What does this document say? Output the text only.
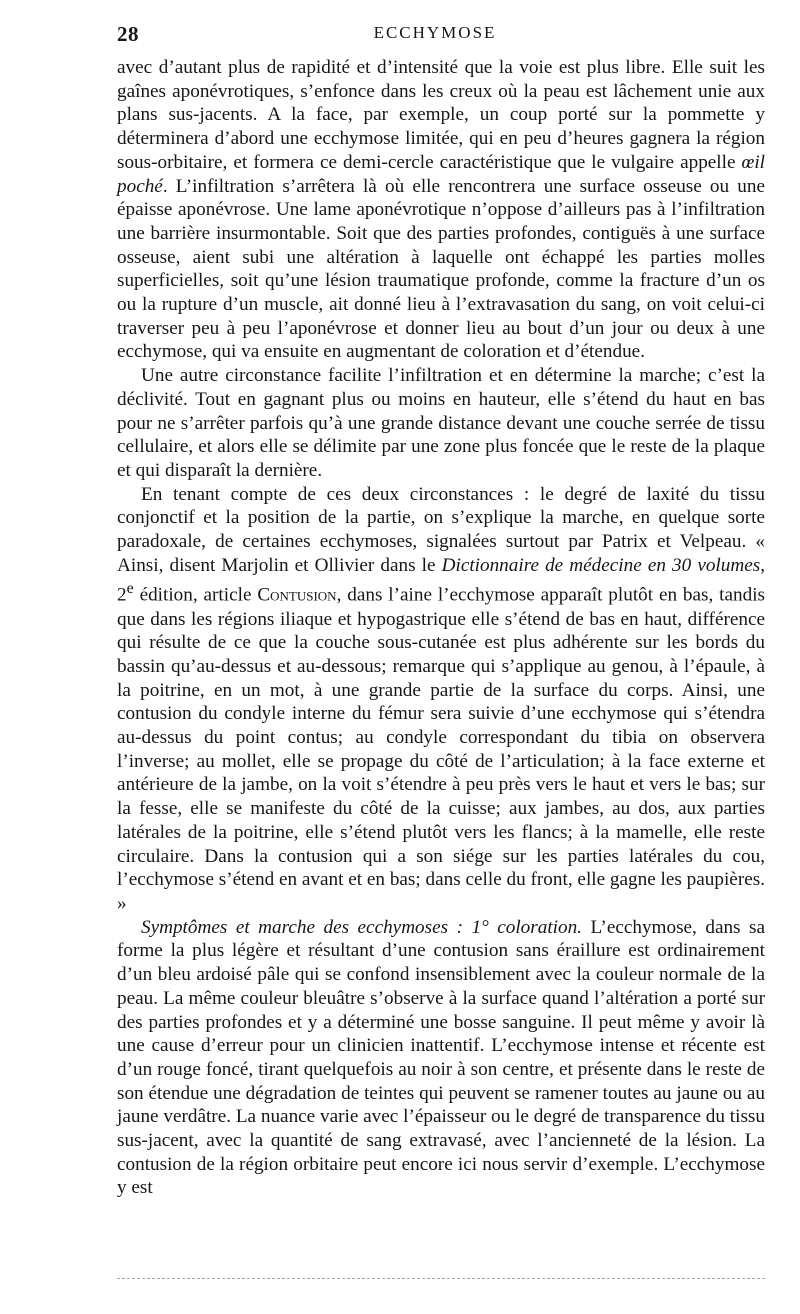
28	ECCHYMOSE

avec d’autant plus de rapidité et d’intensité que la voie est plus libre. Elle suit les gaînes aponévrotiques, s’enfonce dans les creux où la peau est lâchement unie aux plans sus-jacents. A la face, par exemple, un coup porté sur la pommette y déterminera d’abord une ecchymose limitée, qui en peu d’heures gagnera la région sous-orbitaire, et formera ce demi-cercle caractéristique que le vulgaire appelle œil poché. L’infiltration s’arrêtera là où elle rencontrera une surface osseuse ou une épaisse aponévrose. Une lame aponévrotique n’oppose d’ailleurs pas à l’infiltration une barrière insurmontable. Soit que des parties profondes, contiguës à une surface osseuse, aient subi une altération à laquelle ont échappé les parties molles superficielles, soit qu’une lésion traumatique profonde, comme la fracture d’un os ou la rupture d’un muscle, ait donné lieu à l’extravasation du sang, on voit celui-ci traverser peu à peu l’aponévrose et donner lieu au bout d’un jour ou deux à une ecchymose, qui va ensuite en augmentant de coloration et d’étendue.

Une autre circonstance facilite l’infiltration et en détermine la marche; c’est la déclivité. Tout en gagnant plus ou moins en hauteur, elle s’étend du haut en bas pour ne s’arrêter parfois qu’à une grande distance devant une couche serrée de tissu cellulaire, et alors elle se délimite par une zone plus foncée que le reste de la plaque et qui disparaît la dernière.

En tenant compte de ces deux circonstances : le degré de laxité du tissu conjonctif et la position de la partie, on s’explique la marche, en quelque sorte paradoxale, de certaines ecchymoses, signalées surtout par Patrix et Velpeau. « Ainsi, disent Marjolin et Ollivier dans le Dictionnaire de médecine en 30 volumes, 2e édition, article Contusion, dans l’aine l’ecchymose apparaît plutôt en bas, tandis que dans les régions iliaque et hypogastrique elle s’étend de bas en haut, différence qui résulte de ce que la couche sous-cutanée est plus adhérente sur les bords du bassin qu’au-dessus et au-dessous; remarque qui s’applique au genou, à l’épaule, à la poitrine, en un mot, à une grande partie de la surface du corps. Ainsi, une contusion du condyle interne du fémur sera suivie d’une ecchymose qui s’étendra au-dessus du point contus; au condyle correspondant du tibia on observera l’inverse; au mollet, elle se propage du côté de l’articulation; à la face externe et antérieure de la jambe, on la voit s’étendre à peu près vers le haut et vers le bas; sur la fesse, elle se manifeste du côté de la cuisse; aux jambes, au dos, aux parties latérales de la poitrine, elle s’étend plutôt vers les flancs; à la mamelle, elle reste circulaire. Dans la contusion qui a son siége sur les parties latérales du cou, l’ecchymose s’étend en avant et en bas; dans celle du front, elle gagne les paupières. »

Symptômes et marche des ecchymoses : 1° coloration. L’ecchymose, dans sa forme la plus légère et résultant d’une contusion sans éraillure est ordinairement d’un bleu ardoisé pâle qui se confond insensiblement avec la couleur normale de la peau. La même couleur bleuâtre s’observe à la surface quand l’altération a porté sur des parties profondes et y a déterminé une bosse sanguine. Il peut même y avoir là une cause d’erreur pour un clinicien inattentif. L’ecchymose intense et récente est d’un rouge foncé, tirant quelquefois au noir à son centre, et présente dans le reste de son étendue une dégradation de teintes qui peuvent se ramener toutes au jaune ou au jaune verdâtre. La nuance varie avec l’épaisseur ou le degré de transparence du tissu sus-jacent, avec la quantité de sang extravasé, avec l’ancienneté de la lésion. La contusion de la région orbitaire peut encore ici nous servir d’exemple. L’ecchymose y est
